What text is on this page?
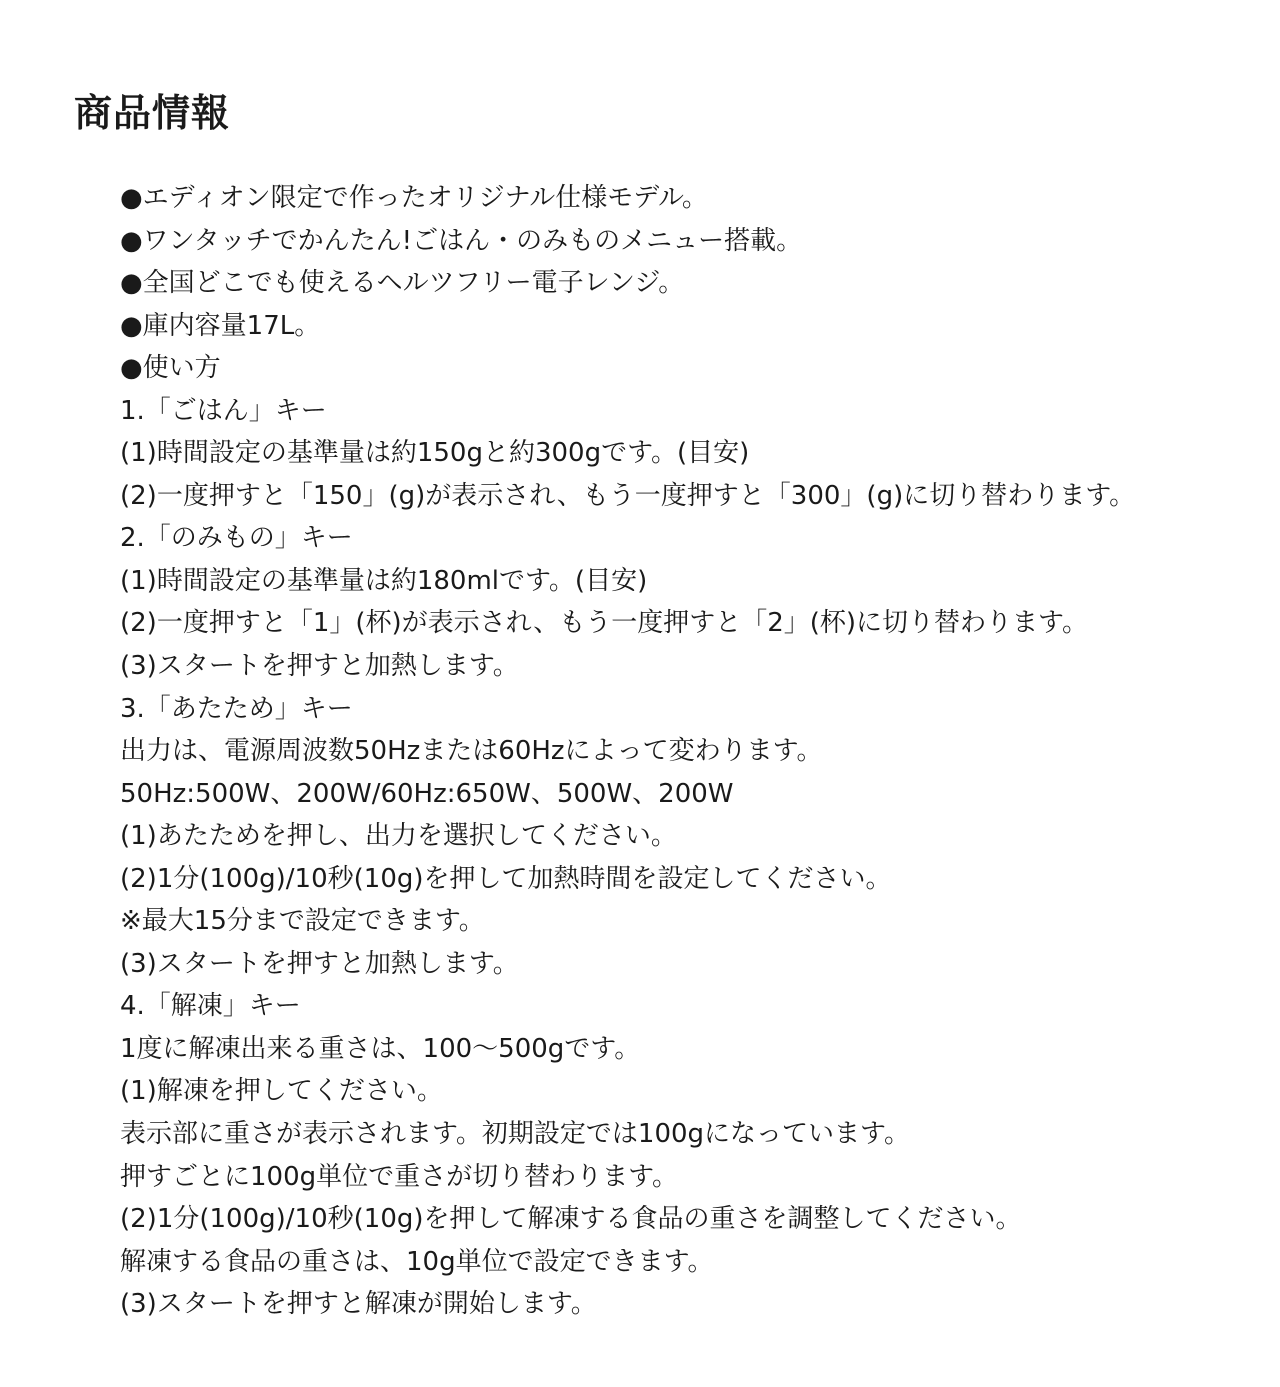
商品情報
●エディオン限定で作ったオリジナル仕様モデル。
●ワンタッチでかんたん!ごはん・のみものメニュー搭載。
●全国どこでも使えるヘルツフリー電子レンジ。
●庫内容量17L。
●使い方
1.「ごはん」キー
(1)時間設定の基準量は約150gと約300gです。(目安)
(2)一度押すと「150」(g)が表示され、もう一度押すと「300」(g)に切り替わります。
2.「のみもの」キー
(1)時間設定の基準量は約180mlです。(目安)
(2)一度押すと「1」(杯)が表示され、もう一度押すと「2」(杯)に切り替わります。
(3)スタートを押すと加熱します。
3.「あたため」キー
出力は、電源周波数50Hzまたは60Hzによって変わります。
50Hz:500W、200W/60Hz:650W、500W、200W
(1)あたためを押し、出力を選択してください。
(2)1分(100g)/10秒(10g)を押して加熱時間を設定してください。
※最大15分まで設定できます。
(3)スタートを押すと加熱します。
4.「解凍」キー
1度に解凍出来る重さは、100～500gです。
(1)解凍を押してください。
表示部に重さが表示されます。初期設定では100gになっています。
押すごとに100g単位で重さが切り替わります。
(2)1分(100g)/10秒(10g)を押して解凍する食品の重さを調整してください。
解凍する食品の重さは、10g単位で設定できます。
(3)スタートを押すと解凍が開始します。
